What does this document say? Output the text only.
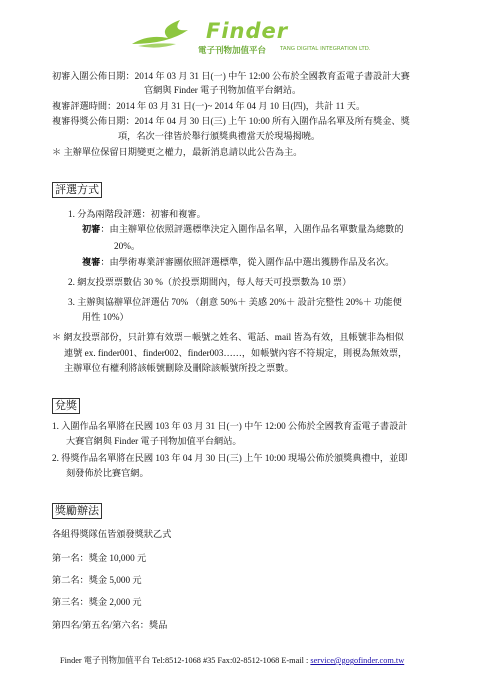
Finder
電子刊物加值平台	TANG DIGITAL INTEGRATION LTD.
初審入圍公佈日期：2014 年 03 月 31 日(一) 中午 12:00 公布於全國教育盃電子書設計大賽
官網與 Finder 電子刊物加值平台網站。
複審評選時間：2014 年 03 月 31 日(一)~ 2014 年 04 月 10 日(四)，共計 11 天。
複審得獎公佈日期：2014 年 04 月 30 日(三) 上午 10:00 所有入圍作品名單及所有獎金、獎
項，名次一律皆於舉行頒獎典禮當天於現場揭曉。
＊ 主辦單位保留日期變更之權力，最新消息請以此公告為主。
評選方式
1. 分為兩階段評選：初審和複審。
初審：由主辦單位依照評選標準決定入圍作品名單，入圍作品名單數量為總數的
20%。
複審：由學術專業評審團依照評選標準，從入圍作品中選出獲勝作品及名次。
2. 網友投票票數佔 30 %（於投票期間內，每人每天可投票數為 10 票）
3. 主辦與協辦單位評選佔 70% （創意 50%＋ 美感 20%＋ 設計完整性 20%＋ 功能便
用性 10%）
＊ 網友投票部份，只計算有效票－帳號之姓名、電話、mail 皆為有效，且帳號非為相似
連號 ex. finder001、finder002、finder003……，如帳號內容不符規定，則視為無效票，
主辦單位有權利將該帳號刪除及刪除該帳號所投之票數。
兌獎
1. 入圍作品名單將在民國 103 年 03 月 31 日(一) 中午 12:00 公佈於全國教育盃電子書設計
大賽官網與 Finder 電子刊物加值平台網站。
2. 得獎作品名單將在民國 103 年 04 月 30 日(三) 上午 10:00 現場公佈於頒獎典禮中，並即
刻發佈於比賽官網。
獎勵辦法
各組得獎隊伍皆頒發獎狀乙式
第一名：獎金 10,000 元
第二名：獎金 5,000 元
第三名：獎金 2,000 元
第四名/第五名/第六名：獎品
Finder 電子刊物加值平台 Tel:8512-1068 #35 Fax:02-8512-1068 E-mail : service@gogofinder.com.tw
